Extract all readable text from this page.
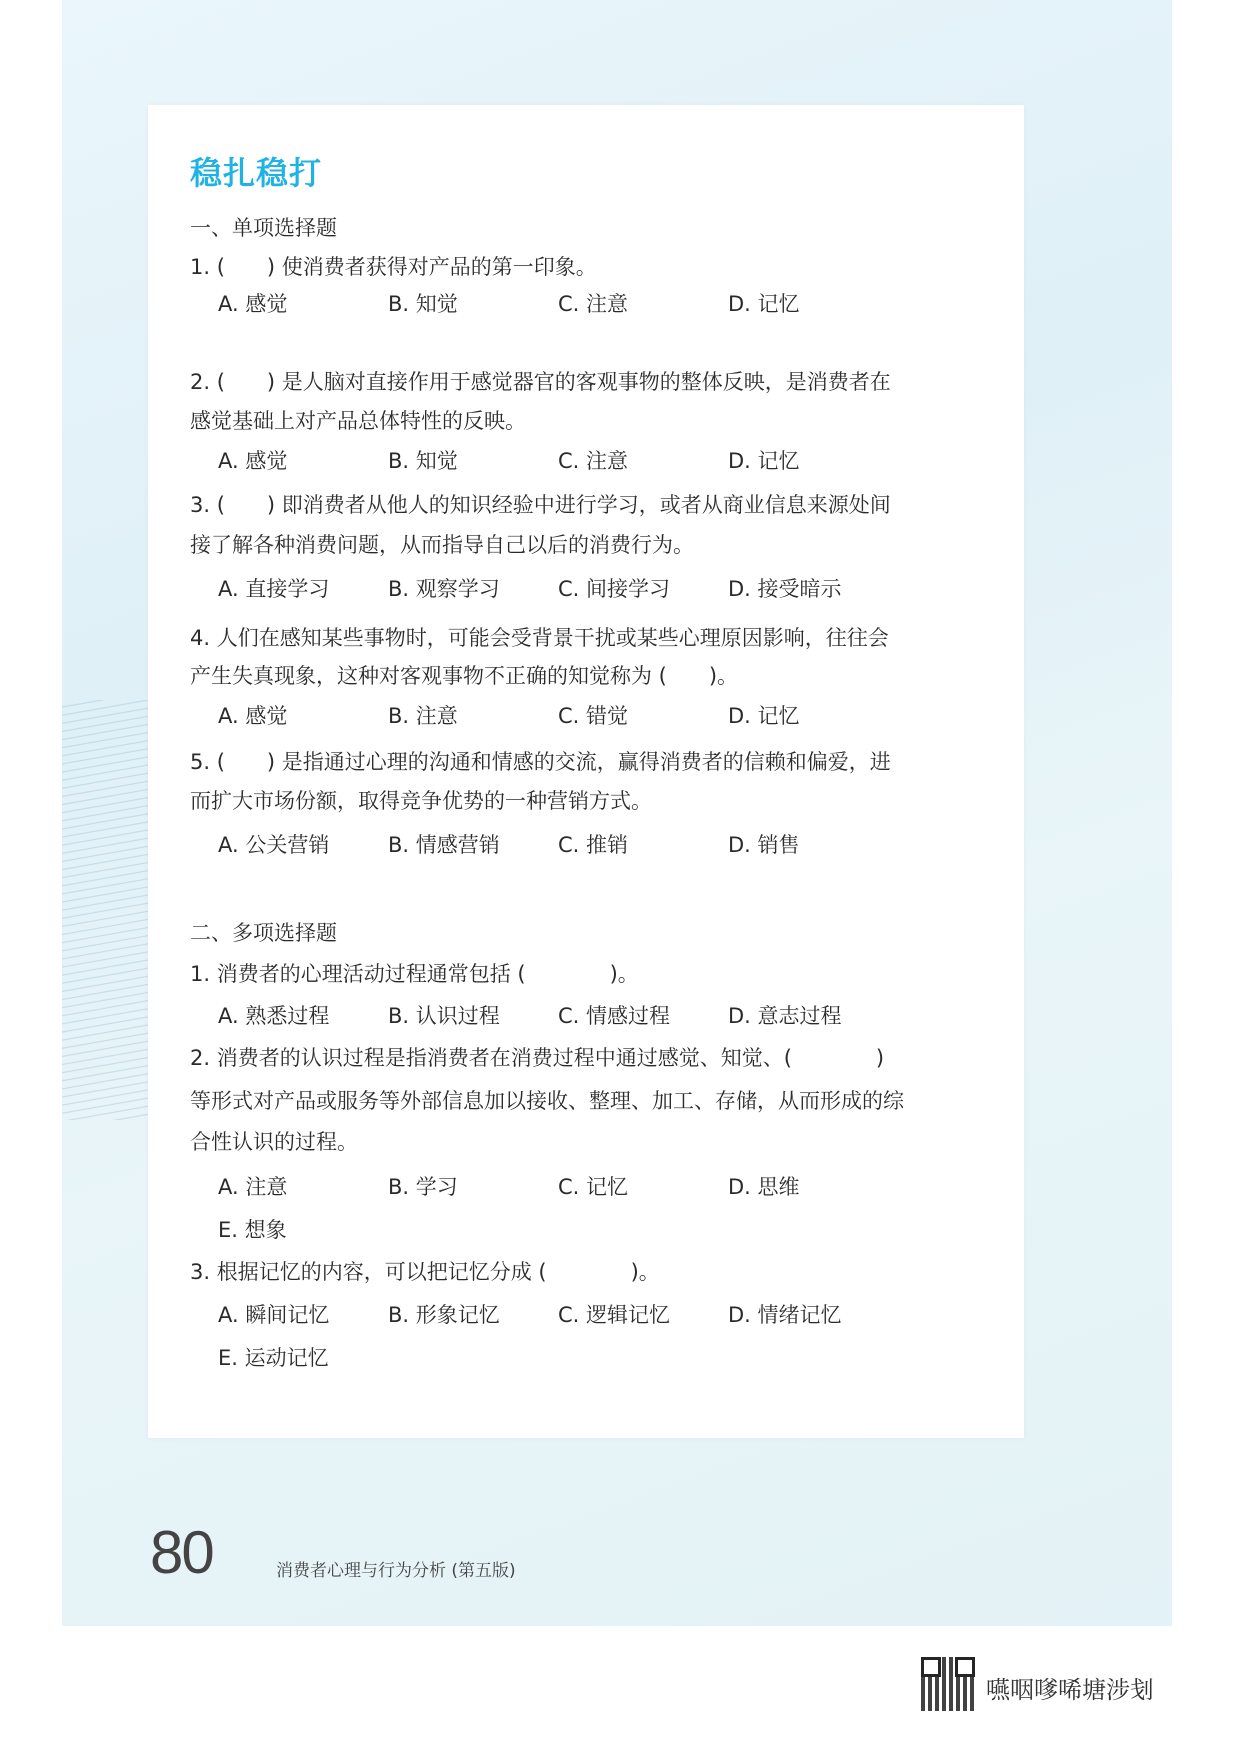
稳扎稳打
一、单项选择题
1. (　　) 使消费者获得对产品的第一印象。
A. 感觉	B. 知觉	C. 注意	D. 记忆
2. (　　) 是人脑对直接作用于感觉器官的客观事物的整体反映，是消费者在
感觉基础上对产品总体特性的反映。
A. 感觉	B. 知觉	C. 注意	D. 记忆
3. (　　) 即消费者从他人的知识经验中进行学习，或者从商业信息来源处间
接了解各种消费问题，从而指导自己以后的消费行为。
A. 直接学习	B. 观察学习	C. 间接学习	D. 接受暗示
4. 人们在感知某些事物时，可能会受背景干扰或某些心理原因影响，往往会
产生失真现象，这种对客观事物不正确的知觉称为 (　　)。
A. 感觉	B. 注意	C. 错觉	D. 记忆
5. (　　) 是指通过心理的沟通和情感的交流，赢得消费者的信赖和偏爱，进
而扩大市场份额，取得竞争优势的一种营销方式。
A. 公关营销	B. 情感营销	C. 推销	D. 销售
二、多项选择题
1. 消费者的心理活动过程通常包括 (　　　　)。
A. 熟悉过程	B. 认识过程	C. 情感过程	D. 意志过程
2. 消费者的认识过程是指消费者在消费过程中通过感觉、知觉、(　　　　)
等形式对产品或服务等外部信息加以接收、整理、加工、存储，从而形成的综
合性认识的过程。
A. 注意	B. 学习	C. 记忆	D. 思维
E. 想象
3. 根据记忆的内容，可以把记忆分成 (　　　　)。
A. 瞬间记忆	B. 形象记忆	C. 逻辑记忆	D. 情绪记忆
E. 运动记忆
80	消费者心理与行为分析 (第五版)
嚥咽嗲唏塘涉刬
